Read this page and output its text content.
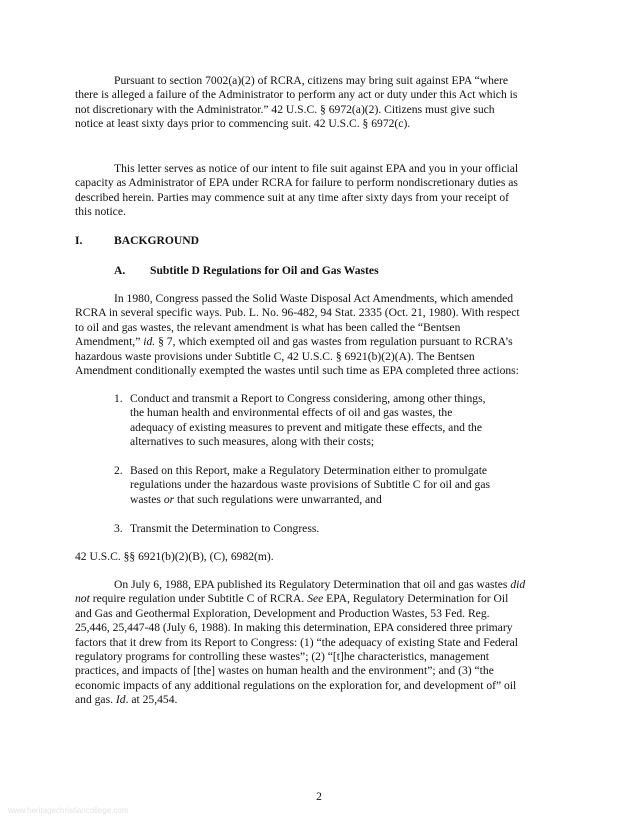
Pursuant to section 7002(a)(2) of RCRA, citizens may bring suit against EPA “where
there is alleged a failure of the Administrator to perform any act or duty under this Act which is
not discretionary with the Administrator.” 42 U.S.C. § 6972(a)(2). Citizens must give such
notice at least sixty days prior to commencing suit. 42 U.S.C. § 6972(c).

This letter serves as notice of our intent to file suit against EPA and you in your official
capacity as Administrator of EPA under RCRA for failure to perform nondiscretionary duties as
described herein. Parties may commence suit at any time after sixty days from your receipt of
this notice.

I.	BACKGROUND
A. Subtitle D Regulations for Oil and Gas Wastes

In 1980, Congress passed the Solid Waste Disposal Act Amendments, which amended
RCRA in several specific ways. Pub. L. No. 96-482, 94 Stat. 2335 (Oct. 21, 1980). With respect
to oil and gas wastes, the relevant amendment is what has been called the “Bentsen
Amendment,” id. § 7, which exempted oil and gas wastes from regulation pursuant to RCRA’s
hazardous waste provisions under Subtitle C, 42 U.S.C. § 6921(b)(2)(A). The Bentsen
Amendment conditionally exempted the wastes until such time as EPA completed three actions:

1. Conduct and transmit a Report to Congress considering, among other things,
the human health and environmental effects of oil and gas wastes, the
adequacy of existing measures to prevent and mitigate these effects, and the
alternatives to such measures, along with their costs;
2. Based on this Report, make a Regulatory Determination either to promulgate
regulations under the hazardous waste provisions of Subtitle C for oil and gas
wastes or that such regulations were unwarranted, and
3. Transmit the Determination to Congress.

42 U.S.C. §§ 6921(b)(2)(B), (C), 6982(m).

On July 6, 1988, EPA published its Regulatory Determination that oil and gas wastes did
not require regulation under Subtitle C of RCRA. See EPA, Regulatory Determination for Oil
and Gas and Geothermal Exploration, Development and Production Wastes, 53 Fed. Reg.
25,446, 25,447-48 (July 6, 1988). In making this determination, EPA considered three primary
factors that it drew from its Report to Congress: (1) “the adequacy of existing State and Federal
regulatory programs for controlling these wastes”; (2) “[t]he characteristics, management
practices, and impacts of [the] wastes on human health and the environment”; and (3) “the
economic impacts of any additional regulations on the exploration for, and development of” oil
and gas. Id. at 25,454.

2
www.heritagechristiancollege.com
